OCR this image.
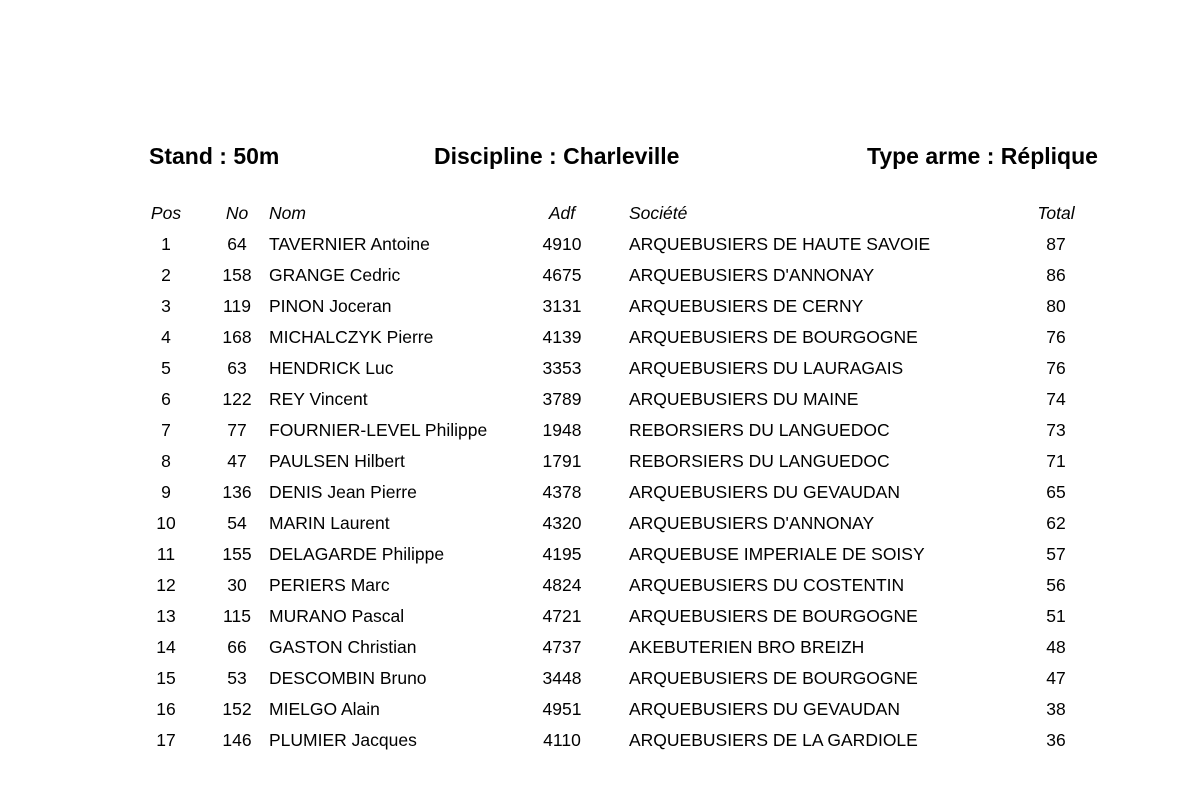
Stand : 50m	Discipline : Charleville	Type arme : Réplique
Pos	No	Nom	Adf	Société	Total
1	64	TAVERNIER Antoine	4910	ARQUEBUSIERS DE HAUTE SAVOIE	87
2	158 GRANGE Cedric	4675	ARQUEBUSIERS D'ANNONAY	86
3	119	PINON Joceran	3131	ARQUEBUSIERS DE CERNY	80
4	168 MICHALCZYK Pierre	4139	ARQUEBUSIERS DE BOURGOGNE	76
5	63	HENDRICK Luc	3353	ARQUEBUSIERS DU LAURAGAIS	76
6	122 REY Vincent	3789	ARQUEBUSIERS DU MAINE	74
7	77	FOURNIER-LEVEL Philippe	1948	REBORSIERS DU LANGUEDOC	73
8	47	PAULSEN Hilbert	1791	REBORSIERS DU LANGUEDOC	71
9	136 DENIS Jean Pierre	4378	ARQUEBUSIERS DU GEVAUDAN	65
10	54	MARIN Laurent	4320	ARQUEBUSIERS D'ANNONAY	62
11	155 DELAGARDE Philippe	4195	ARQUEBUSE IMPERIALE DE SOISY	57
12	30	PERIERS Marc	4824	ARQUEBUSIERS DU COSTENTIN	56
13	115	MURANO Pascal	4721	ARQUEBUSIERS DE BOURGOGNE	51
14	66	GASTON Christian	4737	AKEBUTERIEN BRO BREIZH	48
15	53	DESCOMBIN Bruno	3448	ARQUEBUSIERS DE BOURGOGNE	47
16	152 MIELGO Alain	4951	ARQUEBUSIERS DU GEVAUDAN	38
17	146 PLUMIER Jacques	4110	ARQUEBUSIERS DE LA GARDIOLE	36
